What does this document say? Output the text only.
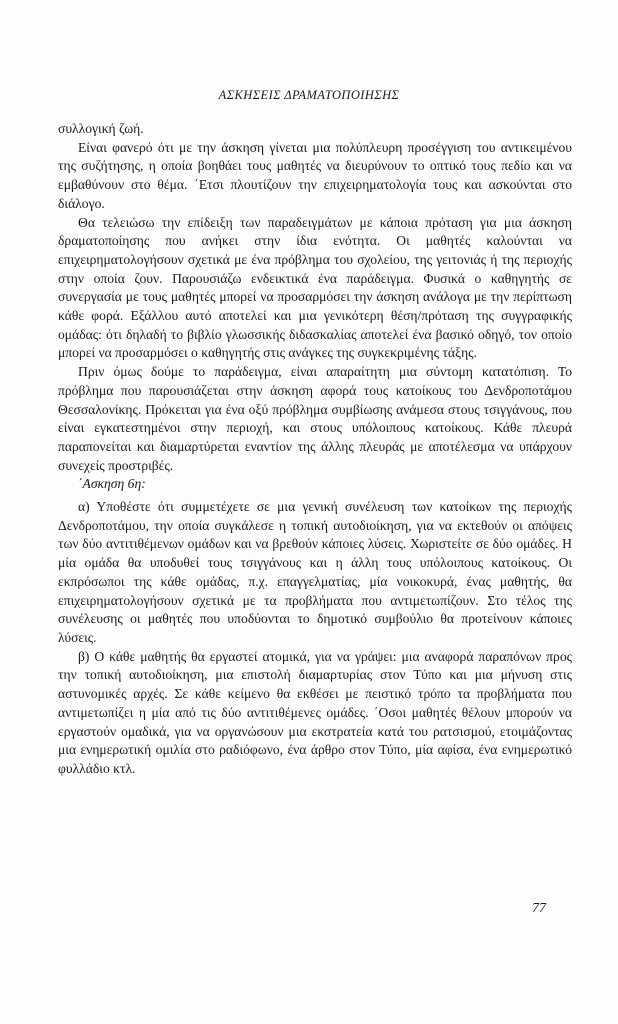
ΑΣΚΗΣΕΙΣ ΔΡΑΜΑΤΟΠΟΙΗΣΗΣ

συλλογική ζωή.

Είναι φανερό ότι με την άσκηση γίνεται μια πολύπλευρη προσέγγιση του αντικειμένου της συζήτησης, η οποία βοηθάει τους μαθητές να διευρύνουν το οπτικό τους πεδίο και να εμβαθύνουν στο θέμα. ΄Ετσι πλουτίζουν την επιχειρηματολογία τους και ασκούνται στο διάλογο.

Θα τελειώσω την επίδειξη των παραδειγμάτων με κάποια πρόταση για μια άσκηση δραματοποίησης που ανήκει στην ίδια ενότητα. Οι μαθητές καλούνται να επιχειρηματολογήσουν σχετικά με ένα πρόβλημα του σχολείου, της γειτονιάς ή της περιοχής στην οποία ζουν. Παρουσιάζω ενδεικτικά ένα παράδειγμα. Φυσικά ο καθηγητής σε συνεργασία με τους μαθητές μπορεί να προσαρμόσει την άσκηση ανάλογα με την περίπτωση κάθε φορά. Εξάλλου αυτό αποτελεί και μια γενικότερη θέση/πρόταση της συγγραφικής ομάδας: ότι δηλαδή το βιβλίο γλωσσικής διδασκαλίας αποτελεί ένα βασικό οδηγό, τον οποίο μπορεί να προσαρμόσει ο καθηγητής στις ανάγκες της συγκεκριμένης τάξης.

Πριν όμως δούμε το παράδειγμα, είναι απαραίτητη μια σύντομη κατατόπιση. Το πρόβλημα που παρουσιάζεται στην άσκηση αφορά τους κατοίκους του Δενδροποτάμου Θεσσαλονίκης. Πρόκειται για ένα οξύ πρόβλημα συμβίωσης ανάμεσα στους τσιγγάνους, που είναι εγκατεστημένοι στην περιοχή, και στους υπόλοιπους κατοίκους. Κάθε πλευρά παραπονείται και διαμαρτύρεται εναντίον της άλλης πλευράς με αποτέλεσμα να υπάρχουν συνεχείς προστριβές.

΄Ασκηση 6η:

α) Υποθέστε ότι συμμετέχετε σε μια γενική συνέλευση των κατοίκων της περιοχής Δενδροποτάμου, την οποία συγκάλεσε η τοπική αυτοδιοίκηση, για να εκτεθούν οι απόψεις των δύο αντιτιθέμενων ομάδων και να βρεθούν κάποιες λύσεις. Χωριστείτε σε δύο ομάδες. Η μία ομάδα θα υποδυθεί τους τσιγγάνους και η άλλη τους υπόλοιπους κατοίκους. Οι εκπρόσωποι της κάθε ομάδας, π.χ. επαγγελματίας, μία νοικοκυρά, ένας μαθητής, θα επιχειρηματολογήσουν σχετικά με τα προβλήματα που αντιμετωπίζουν. Στο τέλος της συνέλευσης οι μαθητές που υποδύονται το δημοτικό συμβούλιο θα προτείνουν κάποιες λύσεις.

β) Ο κάθε μαθητής θα εργαστεί ατομικά, για να γράψει: μια αναφορά παραπόνων προς την τοπική αυτοδιοίκηση, μια επιστολή διαμαρτυρίας στον Τύπο και μια μήνυση στις αστυνομικές αρχές. Σε κάθε κείμενο θα εκθέσει με πειστικό τρόπο τα προβλήματα που αντιμετωπίζει η μία από τις δύο αντιτιθέμενες ομάδες. ΄Οσοι μαθητές θέλουν μπορούν να εργαστούν ομαδικά, για να οργανώσουν μια εκστρατεία κατά του ρατσισμού, ετοιμάζοντας μια ενημερωτική ομιλία στο ραδιόφωνο, ένα άρθρο στον Τύπο, μία αφίσα, ένα ενημερωτικό φυλλάδιο κτλ.

77
